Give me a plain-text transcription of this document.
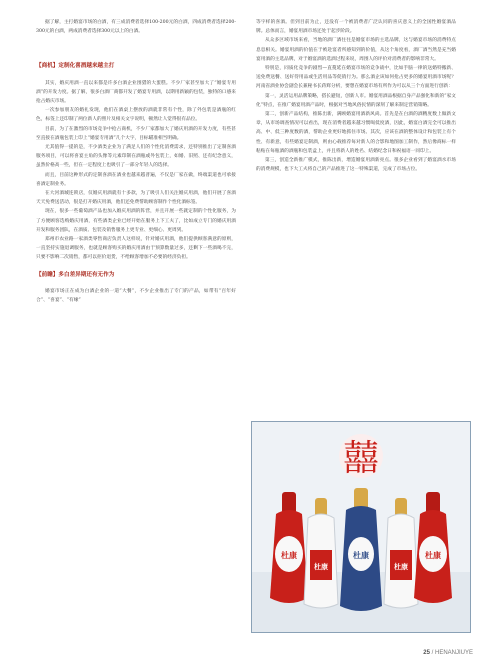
据了解，主打婚宴市场的白酒，有三成消费者选择100-200元的白酒，四成消费者选择200-300元的白酒，两成消费者选择300元以上的白酒。

【商机】定制化喜酒越来越主打

其实，婚庆用酒一直以来都是许多白酒企业围猎的大蛋糕。不少厂家甚至加大了“婚宴专用酒”的开发力度。据了解，很多白酒厂商都开发了婚宴专用酒，以期用新颖的包装，独特的口感来抢占婚庆市场。

一次参加朋友的婚礼发现，他们在酒桌上摆放的酒就非常有个性，除了外包装是酒瓶的红色，标签上还印制了两位新人的照片及相关文字说明，顿然让人觉得很有品位。

目前，为了在激烈的市场竞争中抢占商机，不少厂家都加大了婚庆用酒的开发力度，有些甚至直接在酒瓶包装上印上“婚宴专用酒”几个大字，目标瞄准相当明确。

尤其值得一提的是，不少酒类企业为了满足人们的个性化消费需求，还特别推出了定制喜酒服务项目，可以将喜宴主角的头像等元素印制在酒瓶或外包装上，如婚、旧照、还有纪念意义，虽然价格高一些，但在一定程度上也吸引了一部分年轻人的选择。

而且，目前这种形式的定制喜酒在酒业也越来越普遍，不仅是厂家在做，终端渠道也可承接喜酒定制业务。

在大河酒城连锁店，仅婚庆用酒就有十多款，为了吸引人们关注婚庆用酒，他们开展了喜酒天天免费送活动，很是打开婚庆用酒，他们还免费帮助顾客制作个性化酒标签。

现在，很多一些葡萄酒产品也加入婚庆用酒的阵营，并且开展一些就定制的个性化服务，为了方便顾客选购婚庆用酒，有些酒类企业已经开始在服务上下工夫了，比如成立专门的婚庆用酒开发和服务团队，在酒质、包装及销售服务上更专业、更细心、更周到。

郑州市农业路一家酒类零售商店负责人这样说，针对婚庆用酒，他们提供顾客满意的原则，一直坚持实施退调服务，也就是顾客购买的婚庆用酒由于预算数量过多，还剩下一些酒喝不完，只要不影响二次销售，都可以拒价退货，不给顾客增加不必要的经济负担。

【前瞻】多白差异期还有无作为

婚宴市场正在成为白酒企业的一道“大餐”，不少企业推出了专门的产品，如带有“百年好合”、“喜宴”、“有缘”

等字样的喜酒。但到目前为止，还没有一个被消费者广泛认同的喜庆意义上的全国性婚宴酒品牌。总体而言，婚宴用酒市场还处于起步阶段。

从众多区域市场来看，当地的酒厂酒往往是婚宴市场的主选品牌，这与婚宴市场的消费特点息息相关。婚宴用酒的价值在于被赴宴者所感知到的价值，从这个角度看，酒厂酒当然是充当婚宴用酒的主选品牌，对于婚宴酒的选酒过程来说，周围人的评价对消费者的影响非常大。

特别是，同质化竞争的剧烈—直蔓延在婚宴市场的竞争战中，比如手脑一律的送婚特搬新、送免费送餐、送好待用品或生活用品等促销行为。那么酒企该如何抢占更多的婚宴用酒市场呢？河南省酒业协会副会长兼秘书长蒋辉分析，要想在婚宴市场有所作为可以从三个方面进行创新：

第一，灵活运用品牌策略，搭长避短，创新人市。婚宴用酒品根据自身产品强化和新的“家文化”特点，在推广婚宴用酒产品时，根据对当地风俗民情的深刻了解来制定营销策略。

第二，创新产品结构，推陈出新，满顾婚宴用酒新风尚。首先是在白酒的酒精度数上做新文章，从市场调查情况可以看出，现在消费者越来越习惯喝低度酒，因此，婚宴白酒完全可以推出高、中、低三种度数的酒，帮助企业更好地抓住市场。其次，应该在酒的整体设计和包装上有个性、有新意，有些婚宴定制酒，则由心载推荐每对新人的合影和地图加工制作，然后像商标一样粘贴在每瓶酒的酒瓶和包装盒上，并且将新人的姓名、结婚纪念日和祝福语一同印上。

第三，创造全新推广模式，推陈出新，增造婚宴用酒新亮点。很多企业看到了婚宴酒水市场的消费规模，也下大工夫将自己的产品推进了这一特殊渠道，完成了市场占位。

囍
杜康
杜康
杜康
杜康
杜康
25 / HENANJIUYE
